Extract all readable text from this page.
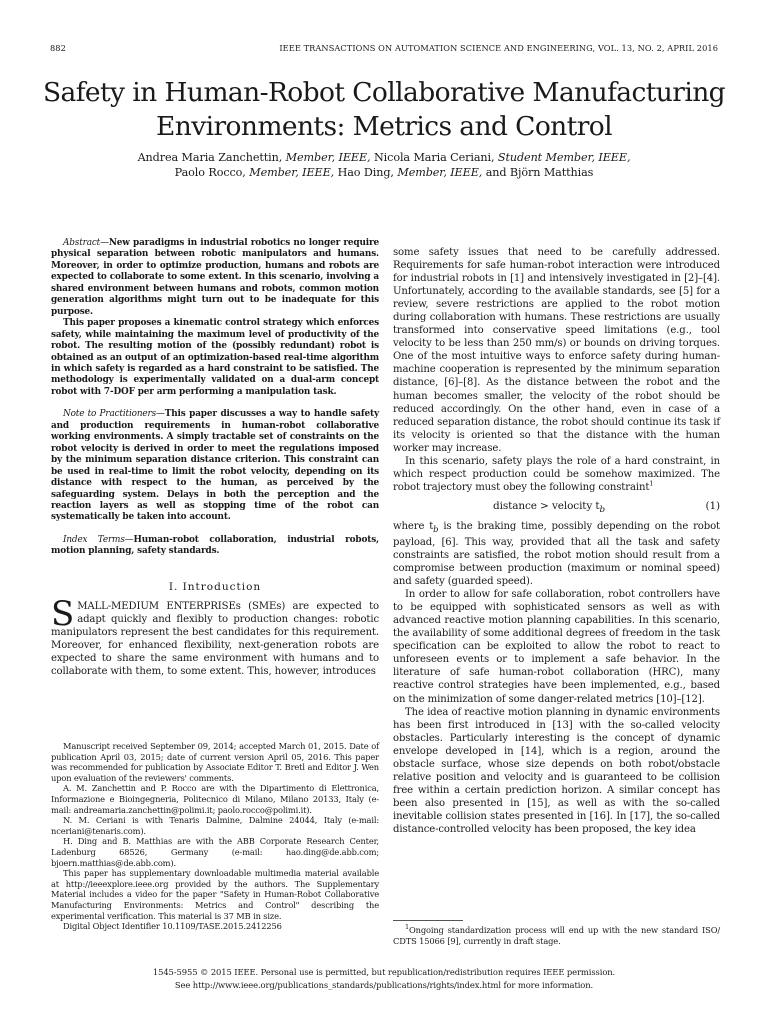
882	IEEE TRANSACTIONS ON AUTOMATION SCIENCE AND ENGINEERING, VOL. 13, NO. 2, APRIL 2016
Safety in Human-Robot Collaborative Manufacturing
Environments: Metrics and Control
Andrea Maria Zanchettin, Member, IEEE, Nicola Maria Ceriani, Student Member, IEEE,
Paolo Rocco, Member, IEEE, Hao Ding, Member, IEEE, and Björn Matthias

Abstract—New paradigms in industrial robotics no longer require physical separation between robotic manipulators and humans. Moreover, in order to optimize production, humans and robots are expected to collaborate to some extent. In this scenario, involving a shared environment between humans and robots, common motion generation algorithms might turn out to be inadequate for this purpose.

This paper proposes a kinematic control strategy which enforces safety, while maintaining the maximum level of productivity of the robot. The resulting motion of the (possibly redundant) robot is obtained as an output of an optimization-based real-time algorithm in which safety is regarded as a hard constraint to be satisfied. The methodology is experimentally validated on a dual-arm concept robot with 7-DOF per arm performing a manipulation task.

Note to Practitioners—This paper discusses a way to handle safety and production requirements in human-robot collaborative working environments. A simply tractable set of constraints on the robot velocity is derived in order to meet the regulations imposed by the minimum separation distance criterion. This constraint can be used in real-time to limit the robot velocity, depending on its distance with respect to the human, as perceived by the safeguarding system. Delays in both the perception and the reaction layers as well as stopping time of the robot can systematically be taken into account.

Index Terms—Human-robot collaboration, industrial robots, motion planning, safety standards.

I. Introduction

SMALL-MEDIUM ENTERPRISEs (SMEs) are expected to adapt quickly and flexibly to production changes: robotic manipulators represent the best candidates for this requirement. Moreover, for enhanced flexibility, next-generation robots are expected to share the same environment with humans and to collaborate with them, to some extent. This, however, introduces

Manuscript received September 09, 2014; accepted March 01, 2015. Date of publication April 03, 2015; date of current version April 05, 2016. This paper was recommended for publication by Associate Editor T. Bretl and Editor J. Wen upon evaluation of the reviewers' comments.

A. M. Zanchettin and P. Rocco are with the Dipartimento di Elettronica, Informazione e Bioingegneria, Politecnico di Milano, Milano 20133, Italy (e-mail: andreamaria.zanchettin@polimi.it; paolo.rocco@polimi.it).

N. M. Ceriani is with Tenaris Dalmine, Dalmine 24044, Italy (e-mail: nceriani@tenaris.com).

H. Ding and B. Matthias are with the ABB Corporate Research Center, Ladenburg 68526, Germany (e-mail: hao.ding@de.abb.com; bjoern.matthias@de.abb.com).

This paper has supplementary downloadable multimedia material available at http://ieeexplore.ieee.org provided by the authors. The Supplementary Material includes a video for the paper "Safety in Human-Robot Collaborative Manufacturing Environments: Metrics and Control" describing the experimental verification. This material is 37 MB in size.

Digital Object Identifier 10.1109/TASE.2015.2412256

some safety issues that need to be carefully addressed. Requirements for safe human-robot interaction were introduced for industrial robots in [1] and intensively investigated in [2]–[4]. Unfortunately, according to the available standards, see [5] for a review, severe restrictions are applied to the robot motion during collaboration with humans. These restrictions are usually transformed into conservative speed limitations (e.g., tool velocity to be less than 250 mm/s) or bounds on driving torques. One of the most intuitive ways to enforce safety during human-machine cooperation is represented by the minimum separation distance, [6]–[8]. As the distance between the robot and the human becomes smaller, the velocity of the robot should be reduced accordingly. On the other hand, even in case of a reduced separation distance, the robot should continue its task if its velocity is oriented so that the distance with the human worker may increase.

In this scenario, safety plays the role of a hard constraint, in which respect production could be somehow maximized. The robot trajectory must obey the following constraint$^1$

distance > velocity $t_b$	(1)

where $t_b$ is the braking time, possibly depending on the robot payload, [6]. This way, provided that all the task and safety constraints are satisfied, the robot motion should result from a compromise between production (maximum or nominal speed) and safety (guarded speed).

In order to allow for safe collaboration, robot controllers have to be equipped with sophisticated sensors as well as with advanced reactive motion planning capabilities. In this scenario, the availability of some additional degrees of freedom in the task specification can be exploited to allow the robot to react to unforeseen events or to implement a safe behavior. In the literature of safe human-robot collaboration (HRC), many reactive control strategies have been implemented, e.g., based on the minimization of some danger-related metrics [10]–[12].

The idea of reactive motion planning in dynamic environments has been first introduced in [13] with the so-called velocity obstacles. Particularly interesting is the concept of dynamic envelope developed in [14], which is a region, around the obstacle surface, whose size depends on both robot/obstacle relative position and velocity and is guaranteed to be collision free within a certain prediction horizon. A similar concept has been also presented in [15], as well as with the so-called inevitable collision states presented in [16]. In [17], the so-called distance-controlled velocity has been proposed, the key idea

$^1$Ongoing standardization process will end up with the new standard ISO/ CDTS 15066 [9], currently in draft stage.

1545-5955 © 2015 IEEE. Personal use is permitted, but republication/redistribution requires IEEE permission.
See http://www.ieee.org/publications_standards/publications/rights/index.html for more information.
